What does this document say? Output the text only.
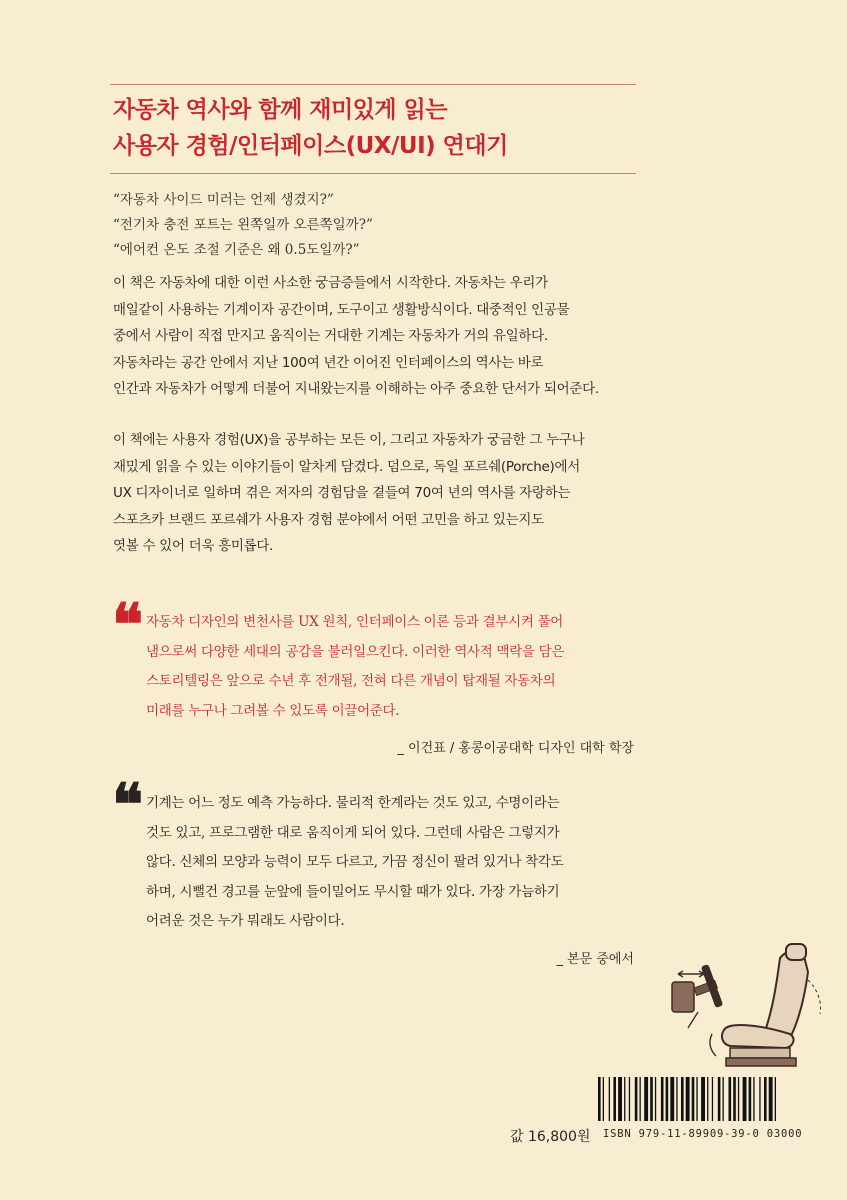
자동차 역사와 함께 재미있게 읽는
사용자 경험/인터페이스(UX/UI) 연대기
“자동차 사이드 미러는 언제 생겼지?”
“전기차 충전 포트는 왼쪽일까 오른쪽일까?”
“에어컨 온도 조절 기준은 왜 0.5도일까?”
이 책은 자동차에 대한 이런 사소한 궁금증들에서 시작한다. 자동차는 우리가
매일같이 사용하는 기계이자 공간이며, 도구이고 생활방식이다. 대중적인 인공물
중에서 사람이 직접 만지고 움직이는 거대한 기계는 자동차가 거의 유일하다.
자동차라는 공간 안에서 지난 100여 년간 이어진 인터페이스의 역사는 바로
인간과 자동차가 어떻게 더불어 지내왔는지를 이해하는 아주 중요한 단서가 되어준다.
이 책에는 사용자 경험(UX)을 공부하는 모든 이, 그리고 자동차가 궁금한 그 누구나
재밌게 읽을 수 있는 이야기들이 알차게 담겼다. 덤으로, 독일 포르쉐(Porche)에서
UX 디자이너로 일하며 겪은 저자의 경험담을 곁들여 70여 년의 역사를 자랑하는
스포츠카 브랜드 포르쉐가 사용자 경험 분야에서 어떤 고민을 하고 있는지도
엿볼 수 있어 더욱 흥미롭다.
❝ 자동차 디자인의 변천사를 UX 원칙, 인터페이스 이론 등과 결부시켜 풀어
냄으로써 다양한 세대의 공감을 불러일으킨다. 이러한 역사적 맥락을 담은
스토리텔링은 앞으로 수년 후 전개될, 전혀 다른 개념이 탑재될 자동차의
미래를 누구나 그려볼 수 있도록 이끌어준다.
_ 이건표 / 홍콩이공대학 디자인 대학 학장
❝ 기계는 어느 정도 예측 가능하다. 물리적 한계라는 것도 있고, 수명이라는
것도 있고, 프로그램한 대로 움직이게 되어 있다. 그런데 사람은 그렇지가
않다. 신체의 모양과 능력이 모두 다르고, 가끔 정신이 팔려 있거나 착각도
하며, 시뻘건 경고를 눈앞에 들이밀어도 무시할 때가 있다. 가장 가늠하기
어려운 것은 누가 뭐래도 사람이다.
_ 본문 중에서
값 16,800원 ISBN 979-11-89909-39-0 03000
